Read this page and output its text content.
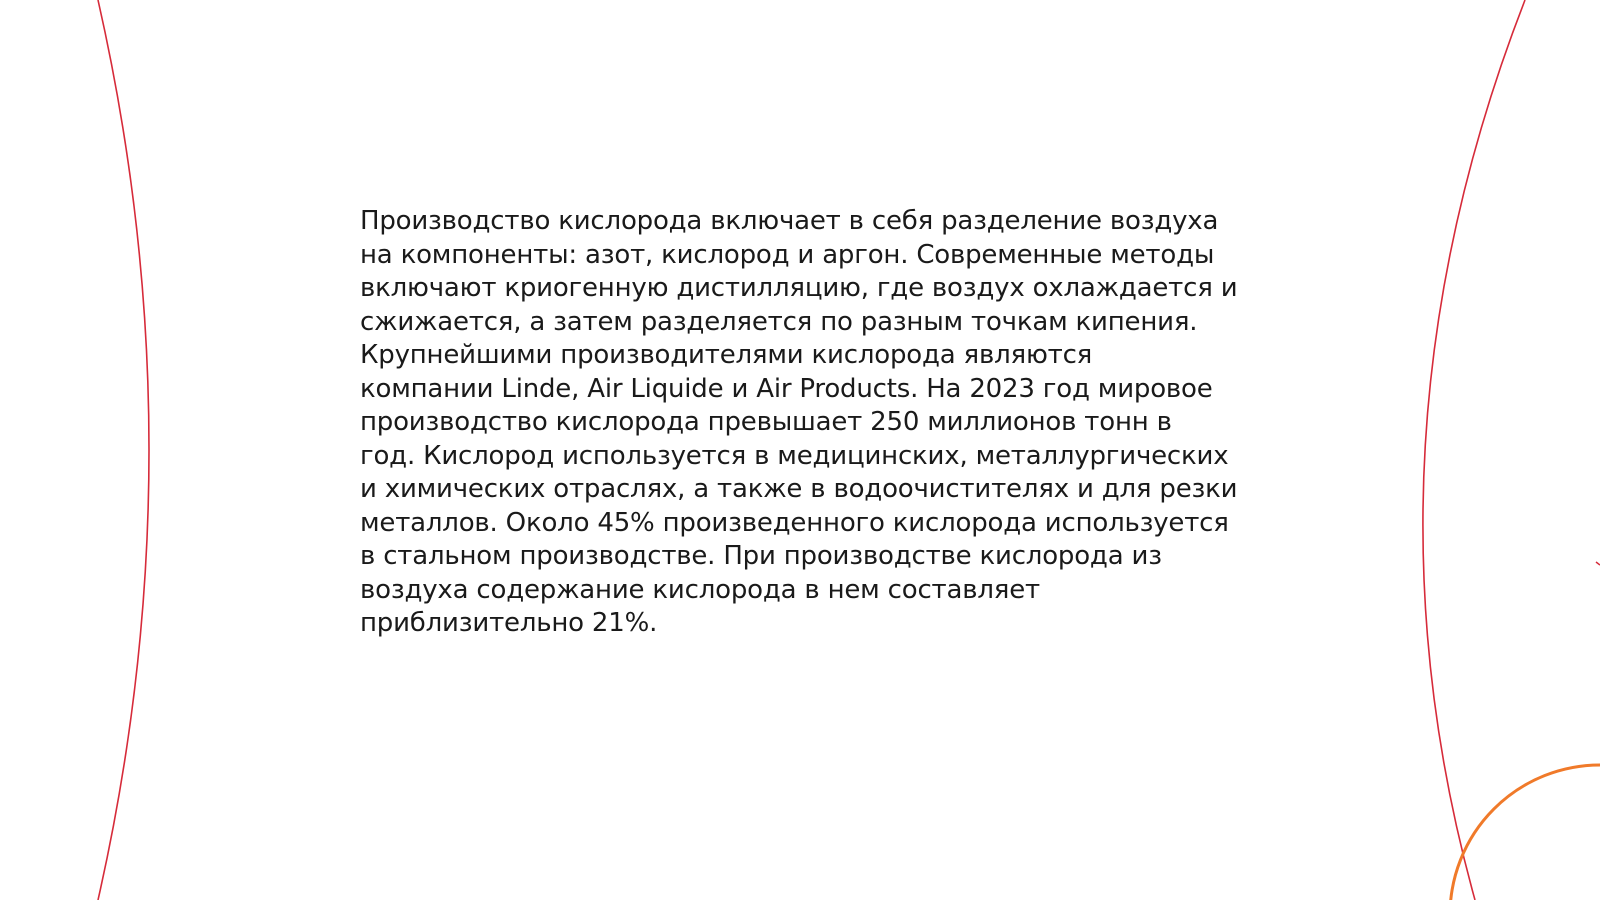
Производство кислорода включает в себя разделение воздуха
на компоненты: азот, кислород и аргон. Современные методы
включают криогенную дистилляцию, где воздух охлаждается и
сжижается, а затем разделяется по разным точкам кипения.
Крупнейшими производителями кислорода являются
компании Linde, Air Liquide и Air Products. На 2023 год мировое
производство кислорода превышает 250 миллионов тонн в
год. Кислород используется в медицинских, металлургических
и химических отраслях, а также в водоочистителях и для резки
металлов. Около 45% произведенного кислорода используется
в стальном производстве. При производстве кислорода из
воздуха содержание кислорода в нем составляет
приблизительно 21%.
